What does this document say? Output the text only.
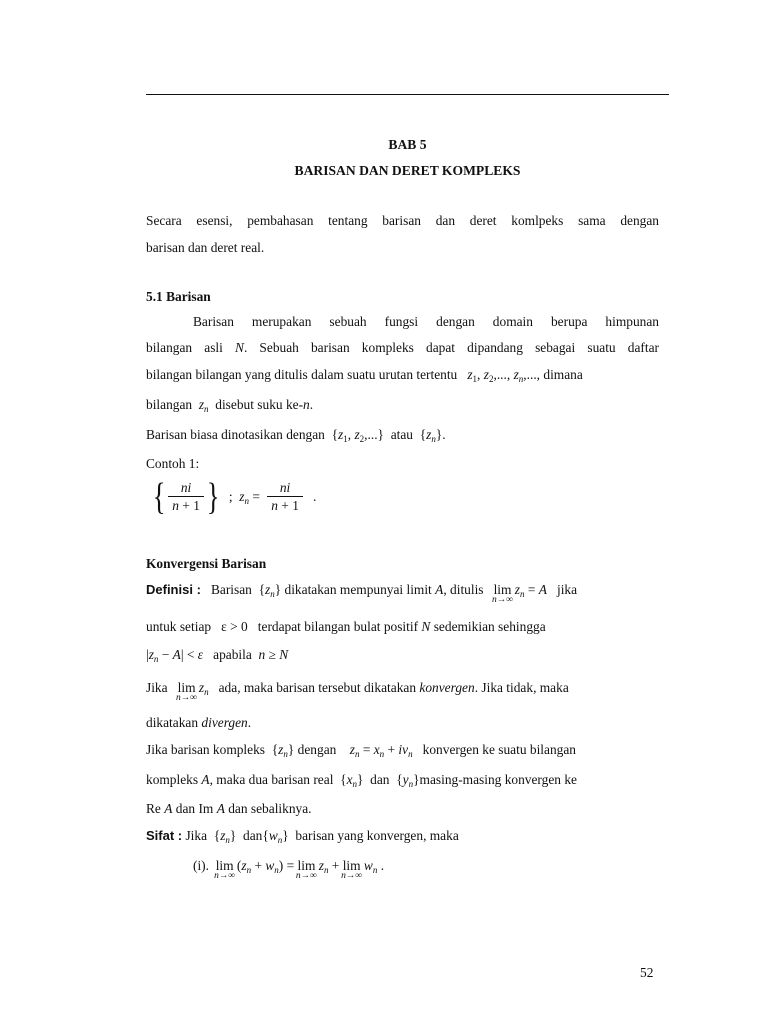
BAB 5
BARISAN DAN DERET KOMPLEKS
Secara esensi, pembahasan tentang barisan dan deret komlpeks sama dengan
barisan dan deret real.
5.1 Barisan
Barisan merupakan sebuah fungsi dengan domain berupa himpunan
bilangan asli N. Sebuah barisan kompleks dapat dipandang sebagai suatu daftar
bilangan bilangan yang ditulis dalam suatu urutan tertentu $z_1$, $z_2$,..., $z_n$,..., dimana
bilangan $z_n$ disebut suku ke-n.
Barisan biasa dinotasikan dengan  {$z_1$, $z_2$,...}  atau  $\{z_n\}$.
Contoh 1:
{ $\frac{ni}{n + 1}$ }  ;  $z_n = \frac{ni}{n + 1}$ .
Konvergensi Barisan
Definisi : Barisan  $\{z_n\}$ dikatakan mempunyai limit A, ditulis lim
n→∞
$z_n = A$ jika
untuk setiap   ε > 0   terdapat bilangan bulat positif N sedemikian sehingga
$|z_n - A| < \varepsilon$ apabila n ≥ N
Jika lim
n→∞
$z_n$ ada, maka barisan tersebut dikatakan konvergen. Jika tidak, maka
dikatakan divergen.
Jika barisan kompleks  $\{z_n\}$ dengan $z_n = x_n + iv_n$ konvergen ke suatu bilangan
kompleks A, maka dua barisan real  $\{x_n\}$  dan  $\{y_n\}masing$-masing konvergen ke
Re A dan Im A dan sebaliknya.
Sifat : Jika  $\{z_n\}$  $dan\{w_n\}$  barisan yang konvergen, maka
(i). lim
n→∞
$(z_n + w_n) = \lim$
n→∞
$z_n + \lim$
n→∞
$w_n$ .
52
